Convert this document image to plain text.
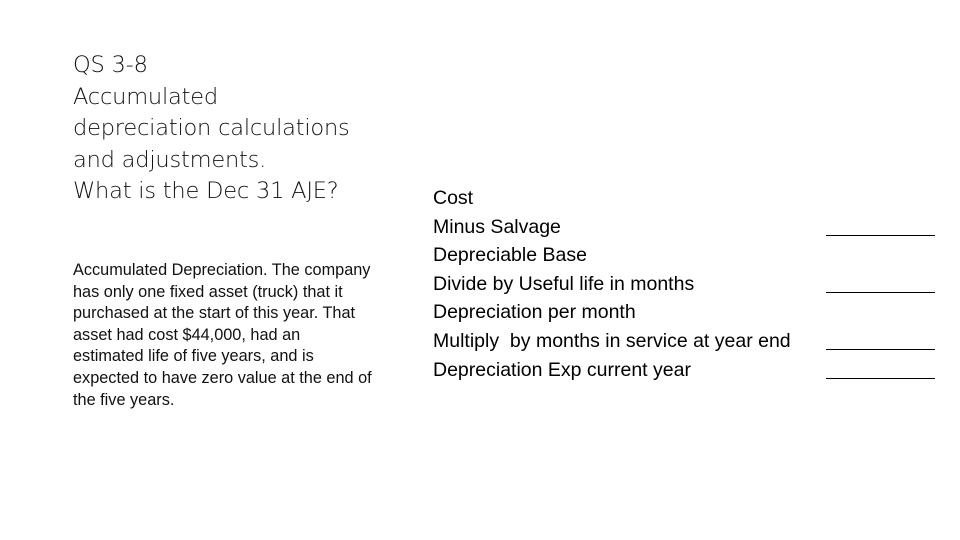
QS 3-8
Accumulated
depreciation calculations
and adjustments.
What is the Dec 31 AJE?

Accumulated Depreciation. The company has only one fixed asset (truck) that it purchased at the start of this year. That asset had cost $44,000, had an estimated life of five years, and is expected to have zero value at the end of the five years.

Cost
Minus Salvage
Depreciable Base
Divide by Useful life in months
Depreciation per month
Multiply  by months in service at year end
Depreciation Exp current year
